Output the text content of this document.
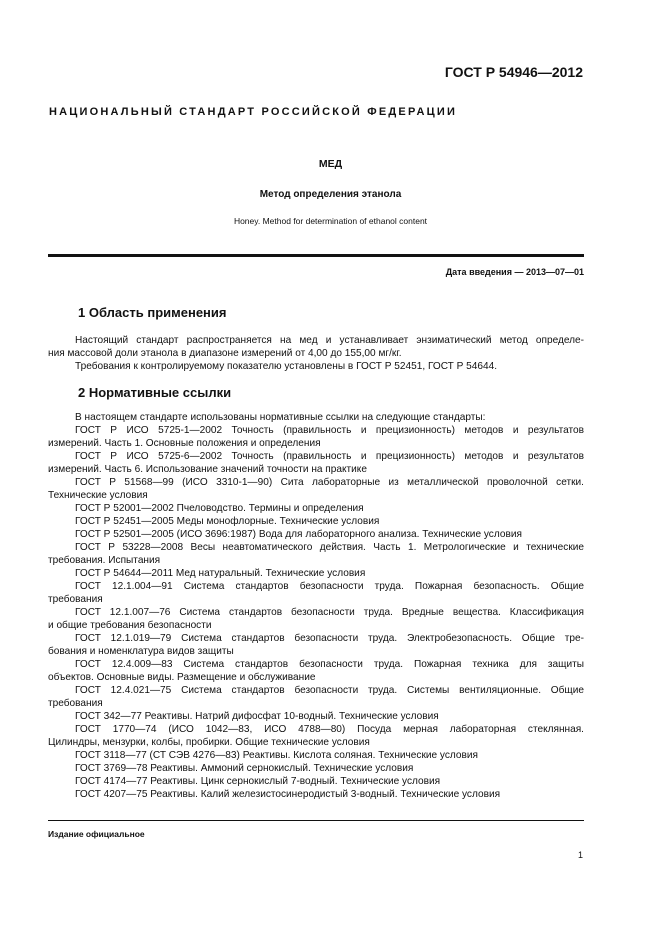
ГОСТ Р 54946—2012
НАЦИОНАЛЬНЫЙ СТАНДАРТ РОССИЙСКОЙ ФЕДЕРАЦИИ
МЕД
Метод определения этанола
Honey. Method for determination of ethanol content
Дата введения — 2013—07—01
1 Область применения
Настоящий стандарт распространяется на мед и устанавливает энзиматический метод определе-
ния массовой доли этанола в диапазоне измерений от 4,00 до 155,00 мг/кг.
Требования к контролируемому показателю установлены в ГОСТ Р 52451, ГОСТ Р 54644.
2 Нормативные ссылки
В настоящем стандарте использованы нормативные ссылки на следующие стандарты:
ГОСТ Р ИСО 5725-1—2002 Точность (правильность и прецизионность) методов и результатов
измерений. Часть 1. Основные положения и определения
ГОСТ Р ИСО 5725-6—2002 Точность (правильность и прецизионность) методов и результатов
измерений. Часть 6. Использование значений точности на практике
ГОСТ Р 51568—99 (ИСО 3310-1—90) Сита лабораторные из металлической проволочной сетки.
Технические условия
ГОСТ Р 52001—2002 Пчеловодство. Термины и определения
ГОСТ Р 52451—2005 Меды монофлорные. Технические условия
ГОСТ Р 52501—2005 (ИСО 3696:1987) Вода для лабораторного анализа. Технические условия
ГОСТ Р 53228—2008 Весы неавтоматического действия. Часть 1. Метрологические и технические
требования. Испытания
ГОСТ Р 54644—2011 Мед натуральный. Технические условия
ГОСТ 12.1.004—91 Система стандартов безопасности труда. Пожарная безопасность. Общие
требования
ГОСТ 12.1.007—76 Система стандартов безопасности труда. Вредные вещества. Классификация
и общие требования безопасности
ГОСТ 12.1.019—79 Система стандартов безопасности труда. Электробезопасность. Общие тре-
бования и номенклатура видов защиты
ГОСТ 12.4.009—83 Система стандартов безопасности труда. Пожарная техника для защиты
объектов. Основные виды. Размещение и обслуживание
ГОСТ 12.4.021—75 Система стандартов безопасности труда. Системы вентиляционные. Общие
требования
ГОСТ 342—77 Реактивы. Натрий дифосфат 10-водный. Технические условия
ГОСТ 1770—74 (ИСО 1042—83, ИСО 4788—80) Посуда мерная лабораторная стеклянная.
Цилиндры, мензурки, колбы, пробирки. Общие технические условия
ГОСТ 3118—77 (СТ СЭВ 4276—83) Реактивы. Кислота соляная. Технические условия
ГОСТ 3769—78 Реактивы. Аммоний сернокислый. Технические условия
ГОСТ 4174—77 Реактивы. Цинк сернокислый 7-водный. Технические условия
ГОСТ 4207—75 Реактивы. Калий железистосинеродистый 3-водный. Технические условия
Издание официальное
1
